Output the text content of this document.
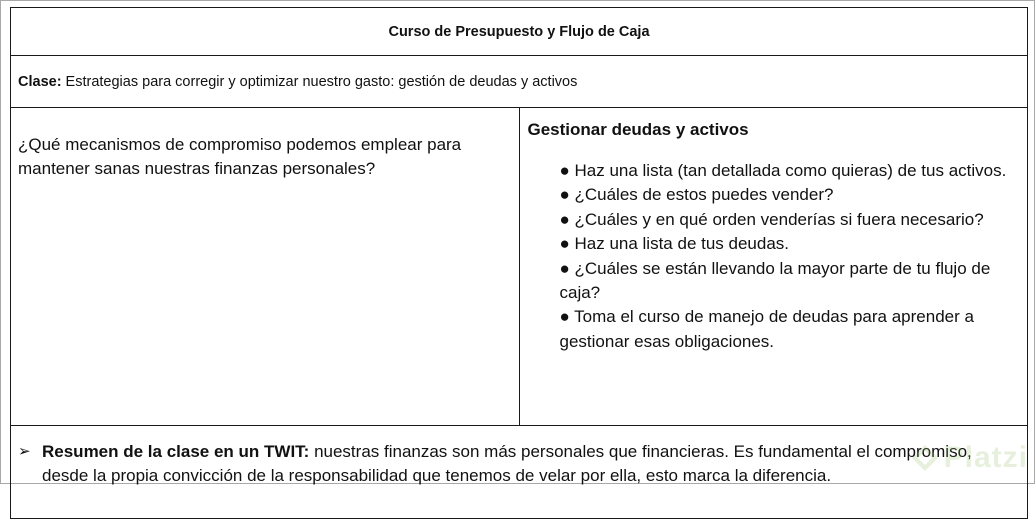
Curso de Presupuesto y Flujo de Caja
Clase: Estrategias para corregir y optimizar nuestro gasto: gestión de deudas y activos
¿Qué mecanismos de compromiso podemos emplear para mantener sanas nuestras finanzas personales?	
Gestionar deudas y activos
● Haz una lista (tan detallada como quieras) de tus activos.
● ¿Cuáles de estos puedes vender?
● ¿Cuáles y en qué orden venderías si fuera necesario?
● Haz una lista de tus deudas.
● ¿Cuáles se están llevando la mayor parte de tu flujo de caja?
● Toma el curso de manejo de deudas para aprender a gestionar esas obligaciones.

➢ Resumen de la clase en un TWIT: nuestras finanzas son más personales que financieras. Es fundamental el compromiso, desde la propia convicción de la responsabilidad que tenemos de velar por ella, esto marca la diferencia.
Platzi
